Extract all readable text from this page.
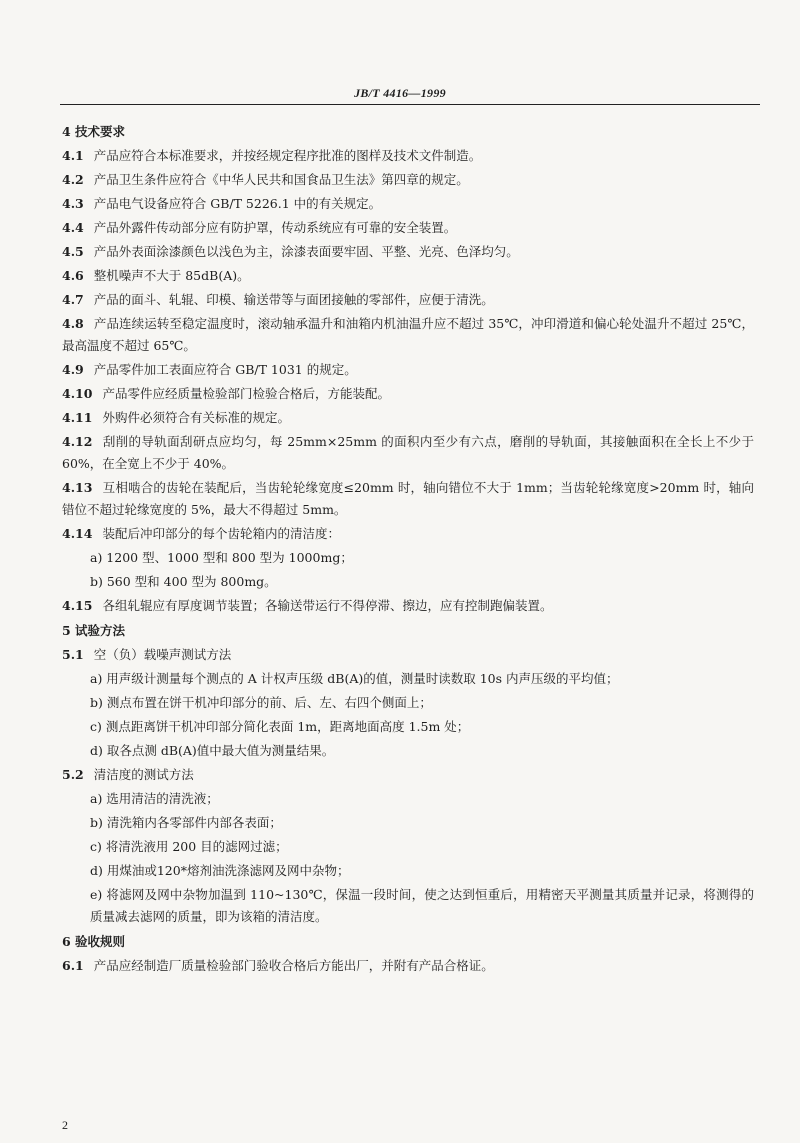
JB/T 4416—1999
4 技术要求
4.1 产品应符合本标准要求，并按经规定程序批准的图样及技术文件制造。
4.2 产品卫生条件应符合《中华人民共和国食品卫生法》第四章的规定。
4.3 产品电气设备应符合 GB/T 5226.1 中的有关规定。
4.4 产品外露件传动部分应有防护罩，传动系统应有可靠的安全装置。
4.5 产品外表面涂漆颜色以浅色为主，涂漆表面要牢固、平整、光亮、色泽均匀。
4.6 整机噪声不大于 85dB(A)。
4.7 产品的面斗、轧辊、印模、输送带等与面团接触的零部件，应便于清洗。
4.8 产品连续运转至稳定温度时，滚动轴承温升和油箱内机油温升应不超过 35℃，冲印滑道和偏心轮处温升不超过 25℃，最高温度不超过 65℃。
4.9 产品零件加工表面应符合 GB/T 1031 的规定。
4.10 产品零件应经质量检验部门检验合格后，方能装配。
4.11 外购件必须符合有关标准的规定。
4.12 刮削的导轨面刮研点应均匀，每 25mm×25mm 的面积内至少有六点，磨削的导轨面，其接触面积在全长上不少于 60%，在全宽上不少于 40%。
4.13 互相啮合的齿轮在装配后，当齿轮轮缘宽度≤20mm 时，轴向错位不大于 1mm；当齿轮轮缘宽度>20mm 时，轴向错位不超过轮缘宽度的 5%，最大不得超过 5mm。
4.14 装配后冲印部分的每个齿轮箱内的清洁度：
a) 1200 型、1000 型和 800 型为 1000mg；
b) 560 型和 400 型为 800mg。
4.15 各组轧辊应有厚度调节装置；各输送带运行不得停滞、擦边，应有控制跑偏装置。
5 试验方法
5.1 空（负）载噪声测试方法
a) 用声级计测量每个测点的 A 计权声压级 dB(A)的值，测量时读数取 10s 内声压级的平均值；
b) 测点布置在饼干机冲印部分的前、后、左、右四个侧面上；
c) 测点距离饼干机冲印部分简化表面 1m，距离地面高度 1.5m 处；
d) 取各点测 dB(A)值中最大值为测量结果。
5.2 清洁度的测试方法
a) 选用清洁的清洗液；
b) 清洗箱内各零部件内部各表面；
c) 将清洗液用 200 目的滤网过滤；
d) 用煤油或120*熔剂油洗涤滤网及网中杂物；
e) 将滤网及网中杂物加温到 110~130℃，保温一段时间，使之达到恒重后，用精密天平测量其质量并记录，将测得的质量减去滤网的质量，即为该箱的清洁度。
6 验收规则
6.1 产品应经制造厂质量检验部门验收合格后方能出厂，并附有产品合格证。
2
